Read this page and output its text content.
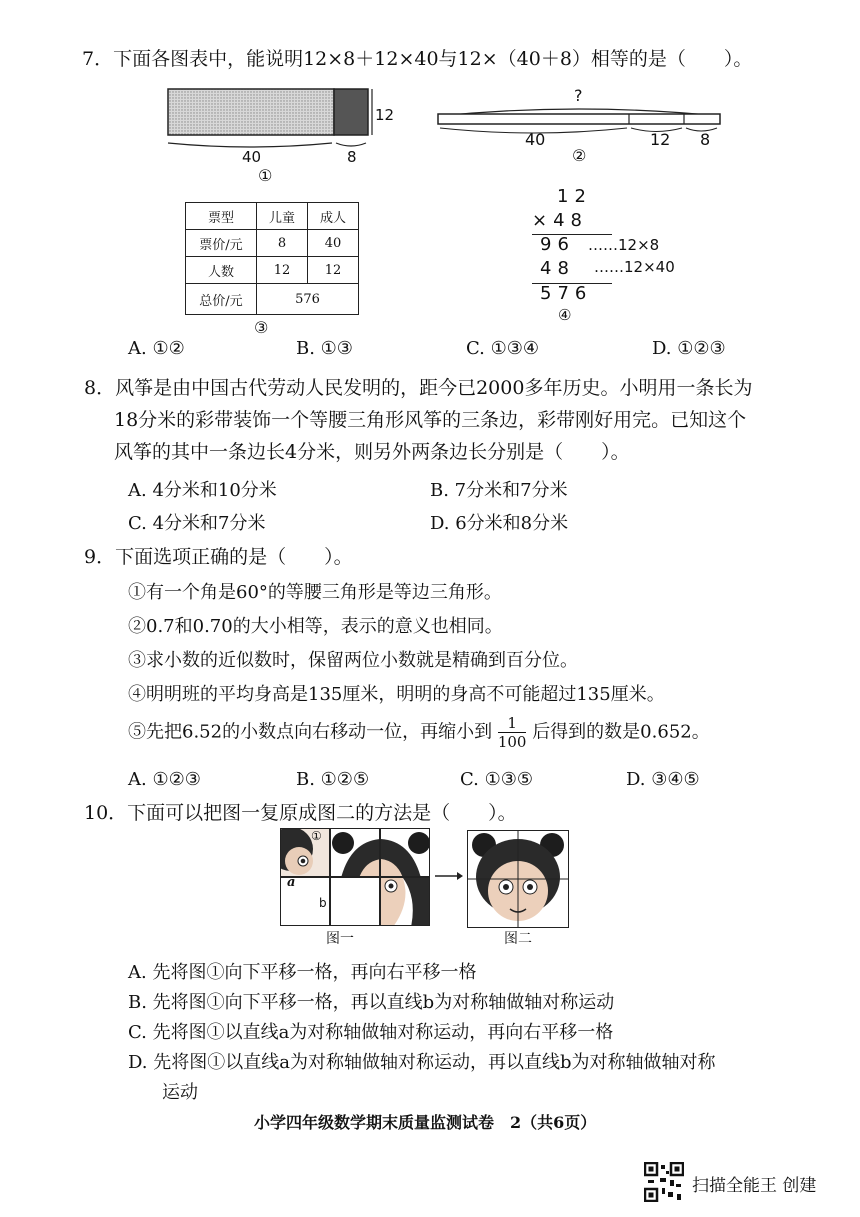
7．下面各图表中，能说明12×8＋12×40与12×（40＋8）相等的是（　　）。
12
40	8
①
?
40	12 8
②
票型	儿童	成人
票价/元	8	40
人数	12	12
总价/元	576	
③
12
×48
96 ……12×8
48 ……12×40
576
④
A. ①②	B. ①③	C. ①③④	D. ①②③
8．风筝是由中国古代劳动人民发明的，距今已2000多年历史。小明用一条长为
18分米的彩带装饰一个等腰三角形风筝的三条边，彩带刚好用完。已知这个
风筝的其中一条边长4分米，则另外两条边长分别是（　　）。
A. 4分米和10分米	B. 7分米和7分米
C. 4分米和7分米	D. 6分米和8分米
9．下面选项正确的是（　　）。
①有一个角是60°的等腰三角形是等边三角形。
②0.7和0.70的大小相等，表示的意义也相同。
③求小数的近似数时，保留两位小数就是精确到百分位。
④明明班的平均身高是135厘米，明明的身高不可能超过135厘米。
⑤先把6.52的小数点向右移动一位，再缩小到 $\frac{1}{100}$ 后得到的数是0.652。
A. ①②③	B. ①②⑤	C. ①③⑤	D. ③④⑤
10．下面可以把图一复原成图二的方法是（　　）。
①
a
b
图一	图二
A. 先将图①向下平移一格，再向右平移一格
B. 先将图①向下平移一格，再以直线b为对称轴做轴对称运动
C. 先将图①以直线a为对称轴做轴对称运动，再向右平移一格
D. 先将图①以直线a为对称轴做轴对称运动，再以直线b为对称轴做轴对称
运动
小学四年级数学期末质量监测试卷　2（共6页）
扫描全能王 创建
